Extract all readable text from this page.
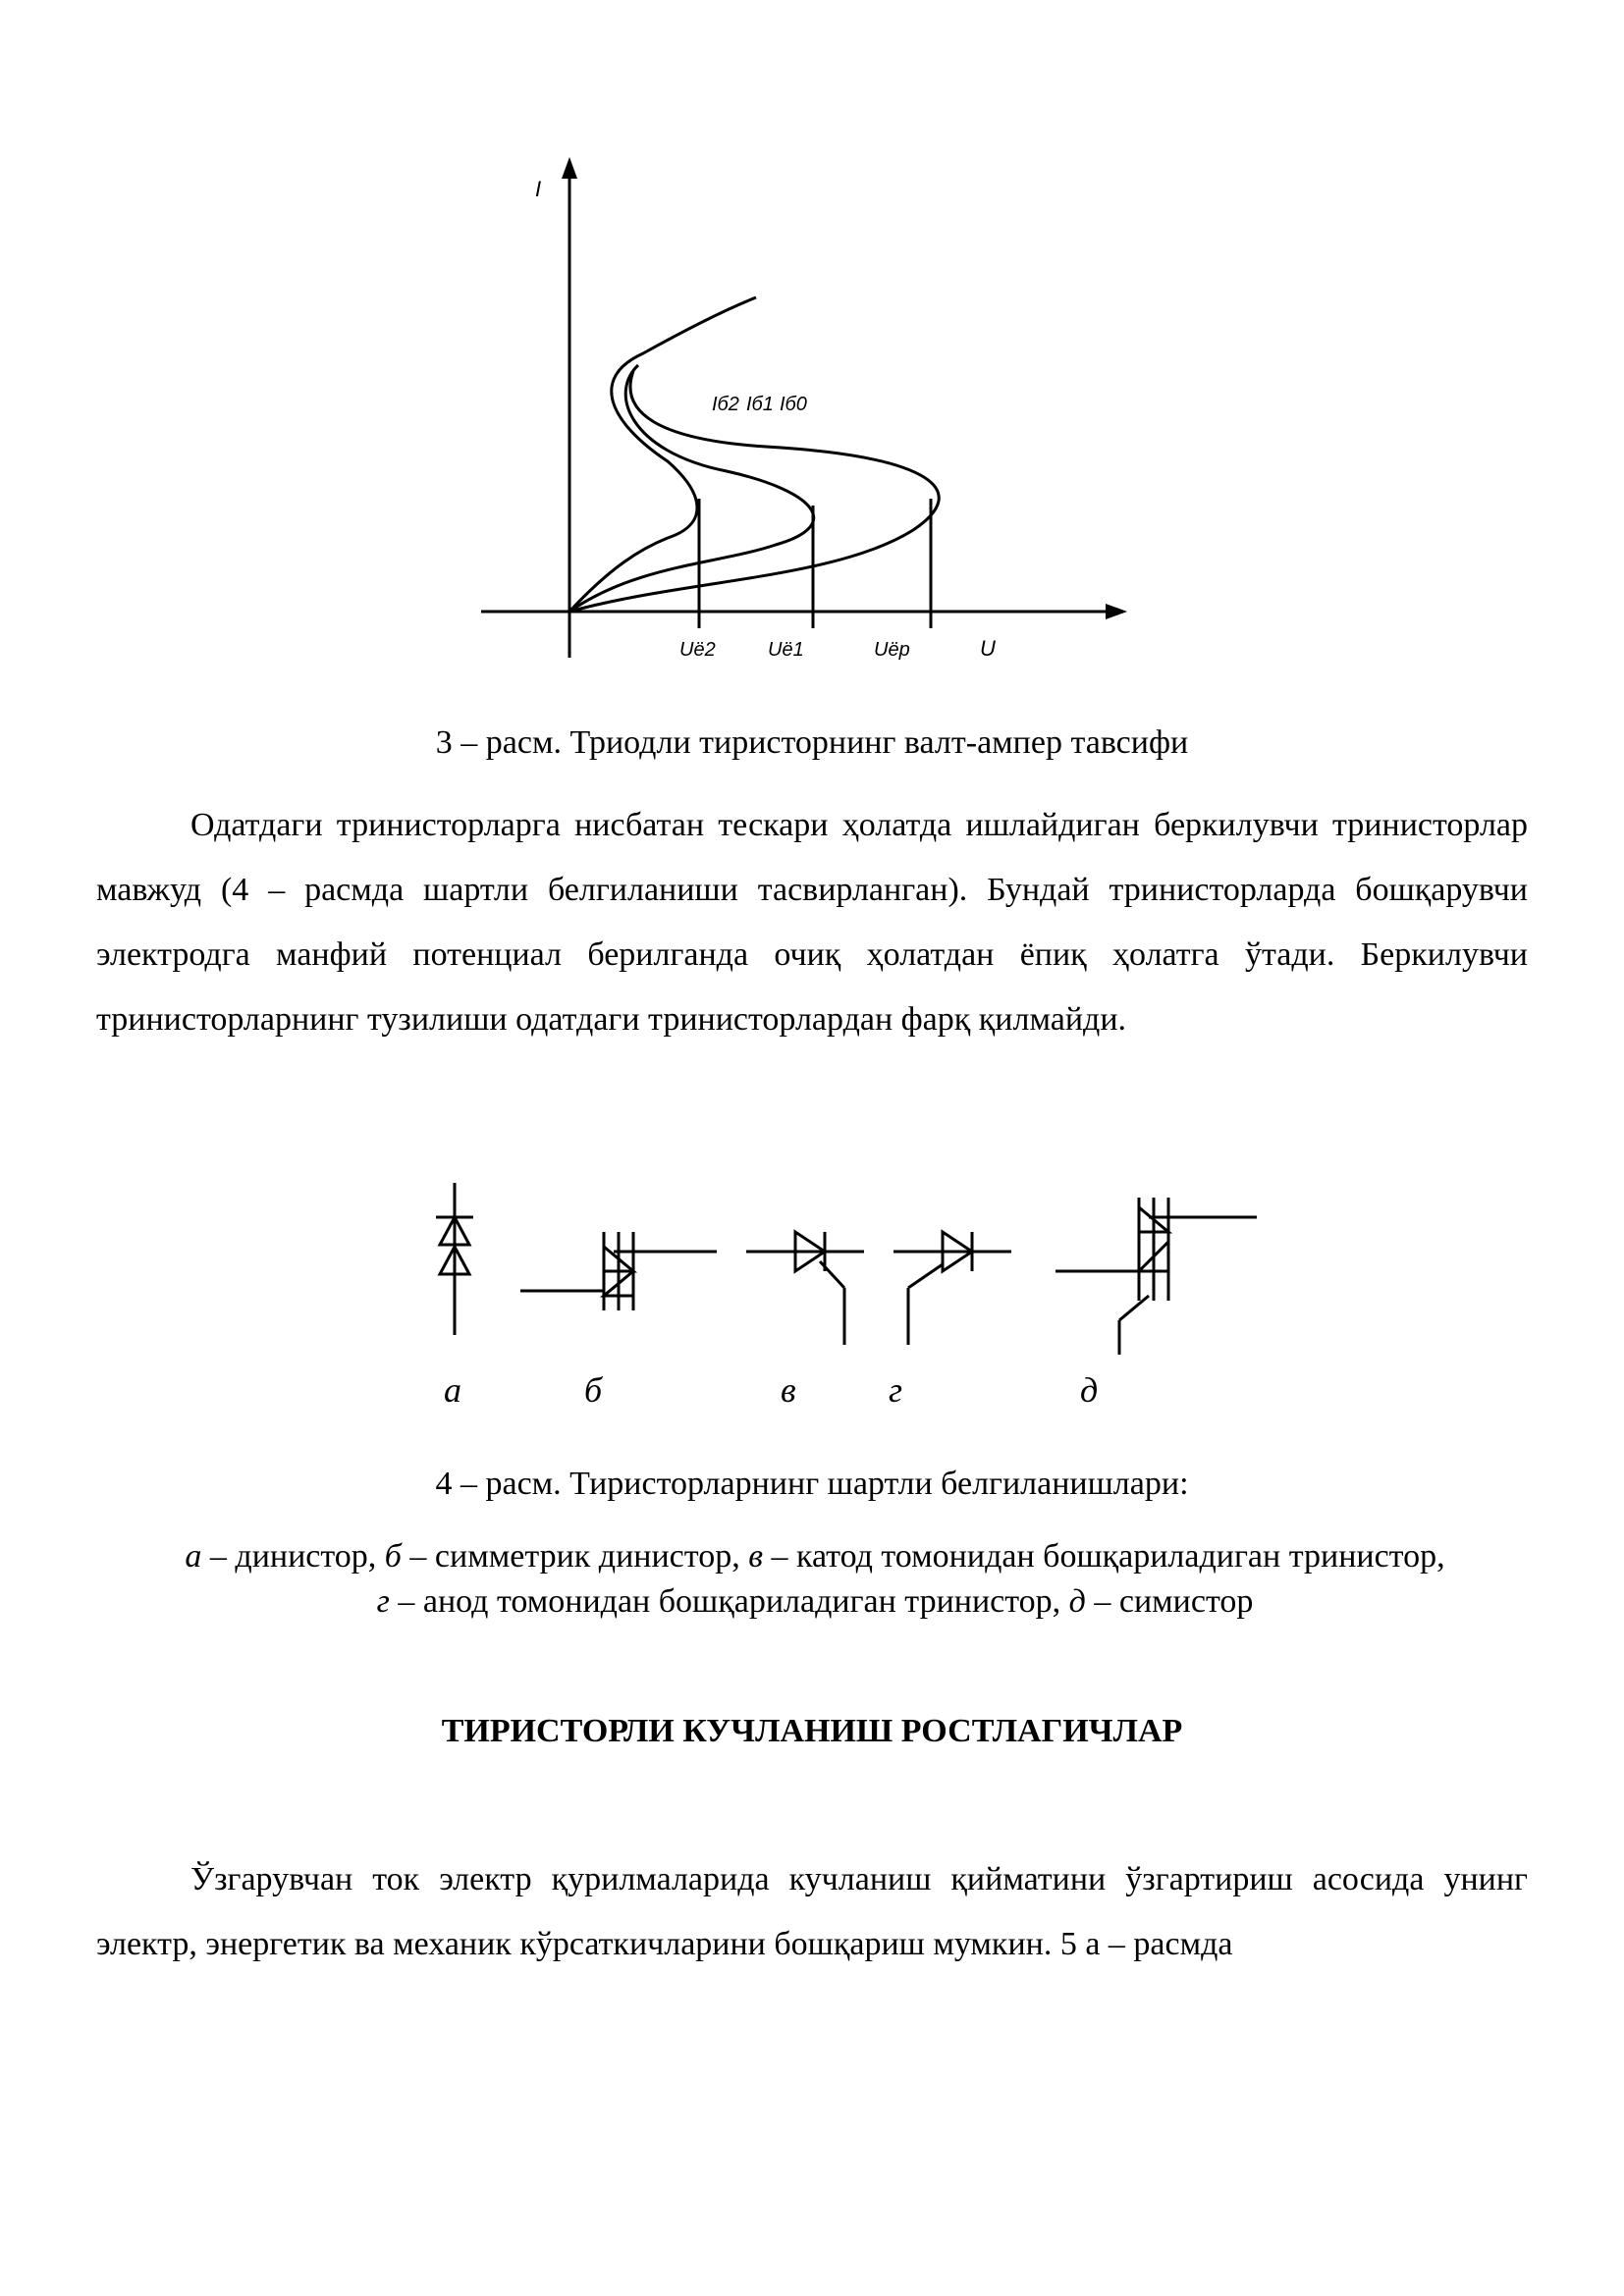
I
U
Iб2 Iб1 Iб0
Uё2	Uё1	Uёр
3 – расм. Триодли тиристорнинг валт-ампер тавсифи

Одатдаги тринисторларга нисбатан тескари ҳолатда ишлайдиган беркилувчи тринисторлар мавжуд (4 – расмда шартли белгиланиши тасвирланган). Бундай тринисторларда бошқарувчи электродга манфий потенциал берилганда очиқ ҳолатдан ёпиқ ҳолатга ўтади. Беркилувчи тринисторларнинг тузилиши одатдаги тринисторлардан фарқ қилмайди.

а	б	в	г	д
4 – расм. Тиристорларнинг шартли белгиланишлари:
а – динистор, б – симметрик динистор, в – катод томонидан бошқариладиган тринистор,
г – анод томонидан бошқариладиган тринистор, д – симистор
ТИРИСТОРЛИ КУЧЛАНИШ РОСТЛАГИЧЛАР

Ўзгарувчан ток электр қурилмаларида кучланиш қийматини ўзгартириш асосида унинг электр, энергетик ва механик кўрсаткичларини бошқариш мумкин. 5 а – расмда
